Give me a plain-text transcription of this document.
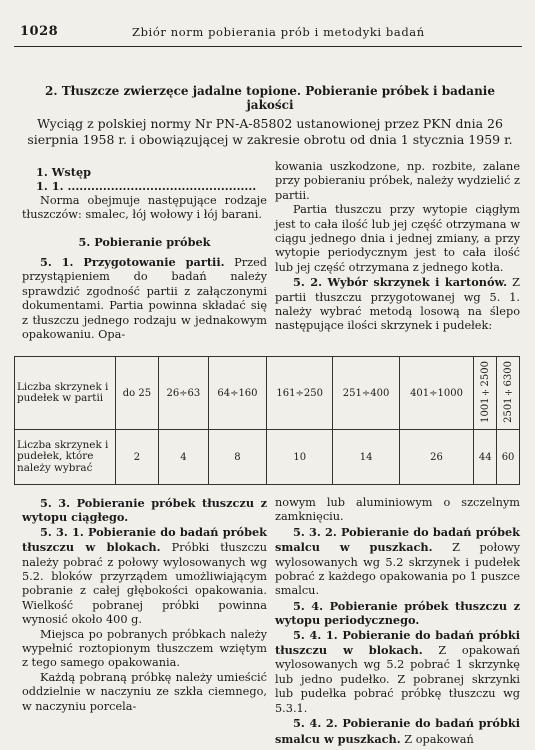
1028	Zbiór norm pobierania prób i metodyki badań
2. Tłuszcze zwierzęce jadalne topione. Pobieranie próbek i badanie jakości
Wyciąg z polskiej normy Nr PN-A-85802 ustanowionej przez PKN dnia 26 sierpnia 1958 r. i obowiązującej w zakresie obrotu od dnia 1 stycznia 1959 r.

1. Wstęp

1. 1. ................................................

Norma obejmuje następujące rodzaje tłuszczów: smalec, łój wołowy i łój barani.

5. Pobieranie próbek

5. 1. Przygotowanie partii. Przed przystąpieniem do badań należy sprawdzić zgodność partii z załączonymi dokumentami. Partia powinna składać się z tłuszczu jednego rodzaju w jednakowym opakowaniu. Opa-

kowania uszkodzone, np. rozbite, zalane przy pobieraniu próbek, należy wydzielić z partii.

Partia tłuszczu przy wytopie ciągłym jest to cała ilość lub jej część otrzymana w ciągu jednego dnia i jednej zmiany, a przy wytopie periodycznym jest to cała ilość lub jej część otrzymana z jednego kotła.

5. 2. Wybór skrzynek i kartonów. Z partii tłuszczu przygotowanej wg 5. 1. należy wybrać metodą losową na ślepo następujące ilości skrzynek i pudełek:

Liczba skrzynek i pudełek w partii	do 25	26÷63	64÷160	161÷250	251÷400	401÷1000	1001÷2500	2501÷6300
Liczba skrzynek i pudełek, które należy wybrać	2	4	8	10	14	26	44	60

5. 3. Pobieranie próbek tłuszczu z wytopu ciągłego.

5. 3. 1. Pobieranie do badań próbek tłuszczu w blokach. Próbki tłuszczu należy pobrać z połowy wylosowanych wg 5.2. bloków przyrządem umożliwiającym pobranie z całej głębokości opakowania. Wielkość pobranej próbki powinna wynosić około 400 g.

Miejsca po pobranych próbkach należy wypełnić roztopionym tłuszczem wziętym z tego samego opakowania.

Każdą pobraną próbkę należy umieścić oddzielnie w naczyniu ze szkła ciemnego, w naczyniu porcela-

nowym lub aluminiowym o szczelnym zamknięciu.

5. 3. 2. Pobieranie do badań próbek smalcu w puszkach. Z połowy wylosowanych wg 5.2 skrzynek i pudełek pobrać z każdego opakowania po 1 puszce smalcu.

5. 4. Pobieranie próbek tłuszczu z wytopu periodycznego.

5. 4. 1. Pobieranie do badań próbki tłuszczu w blokach. Z opakowań wylosowanych wg 5.2 pobrać 1 skrzynkę lub jedno pudełko. Z pobranej skrzynki lub pudełka pobrać próbkę tłuszczu wg 5.3.1.

5. 4. 2. Pobieranie do badań próbki smalcu w puszkach. Z opakowań
